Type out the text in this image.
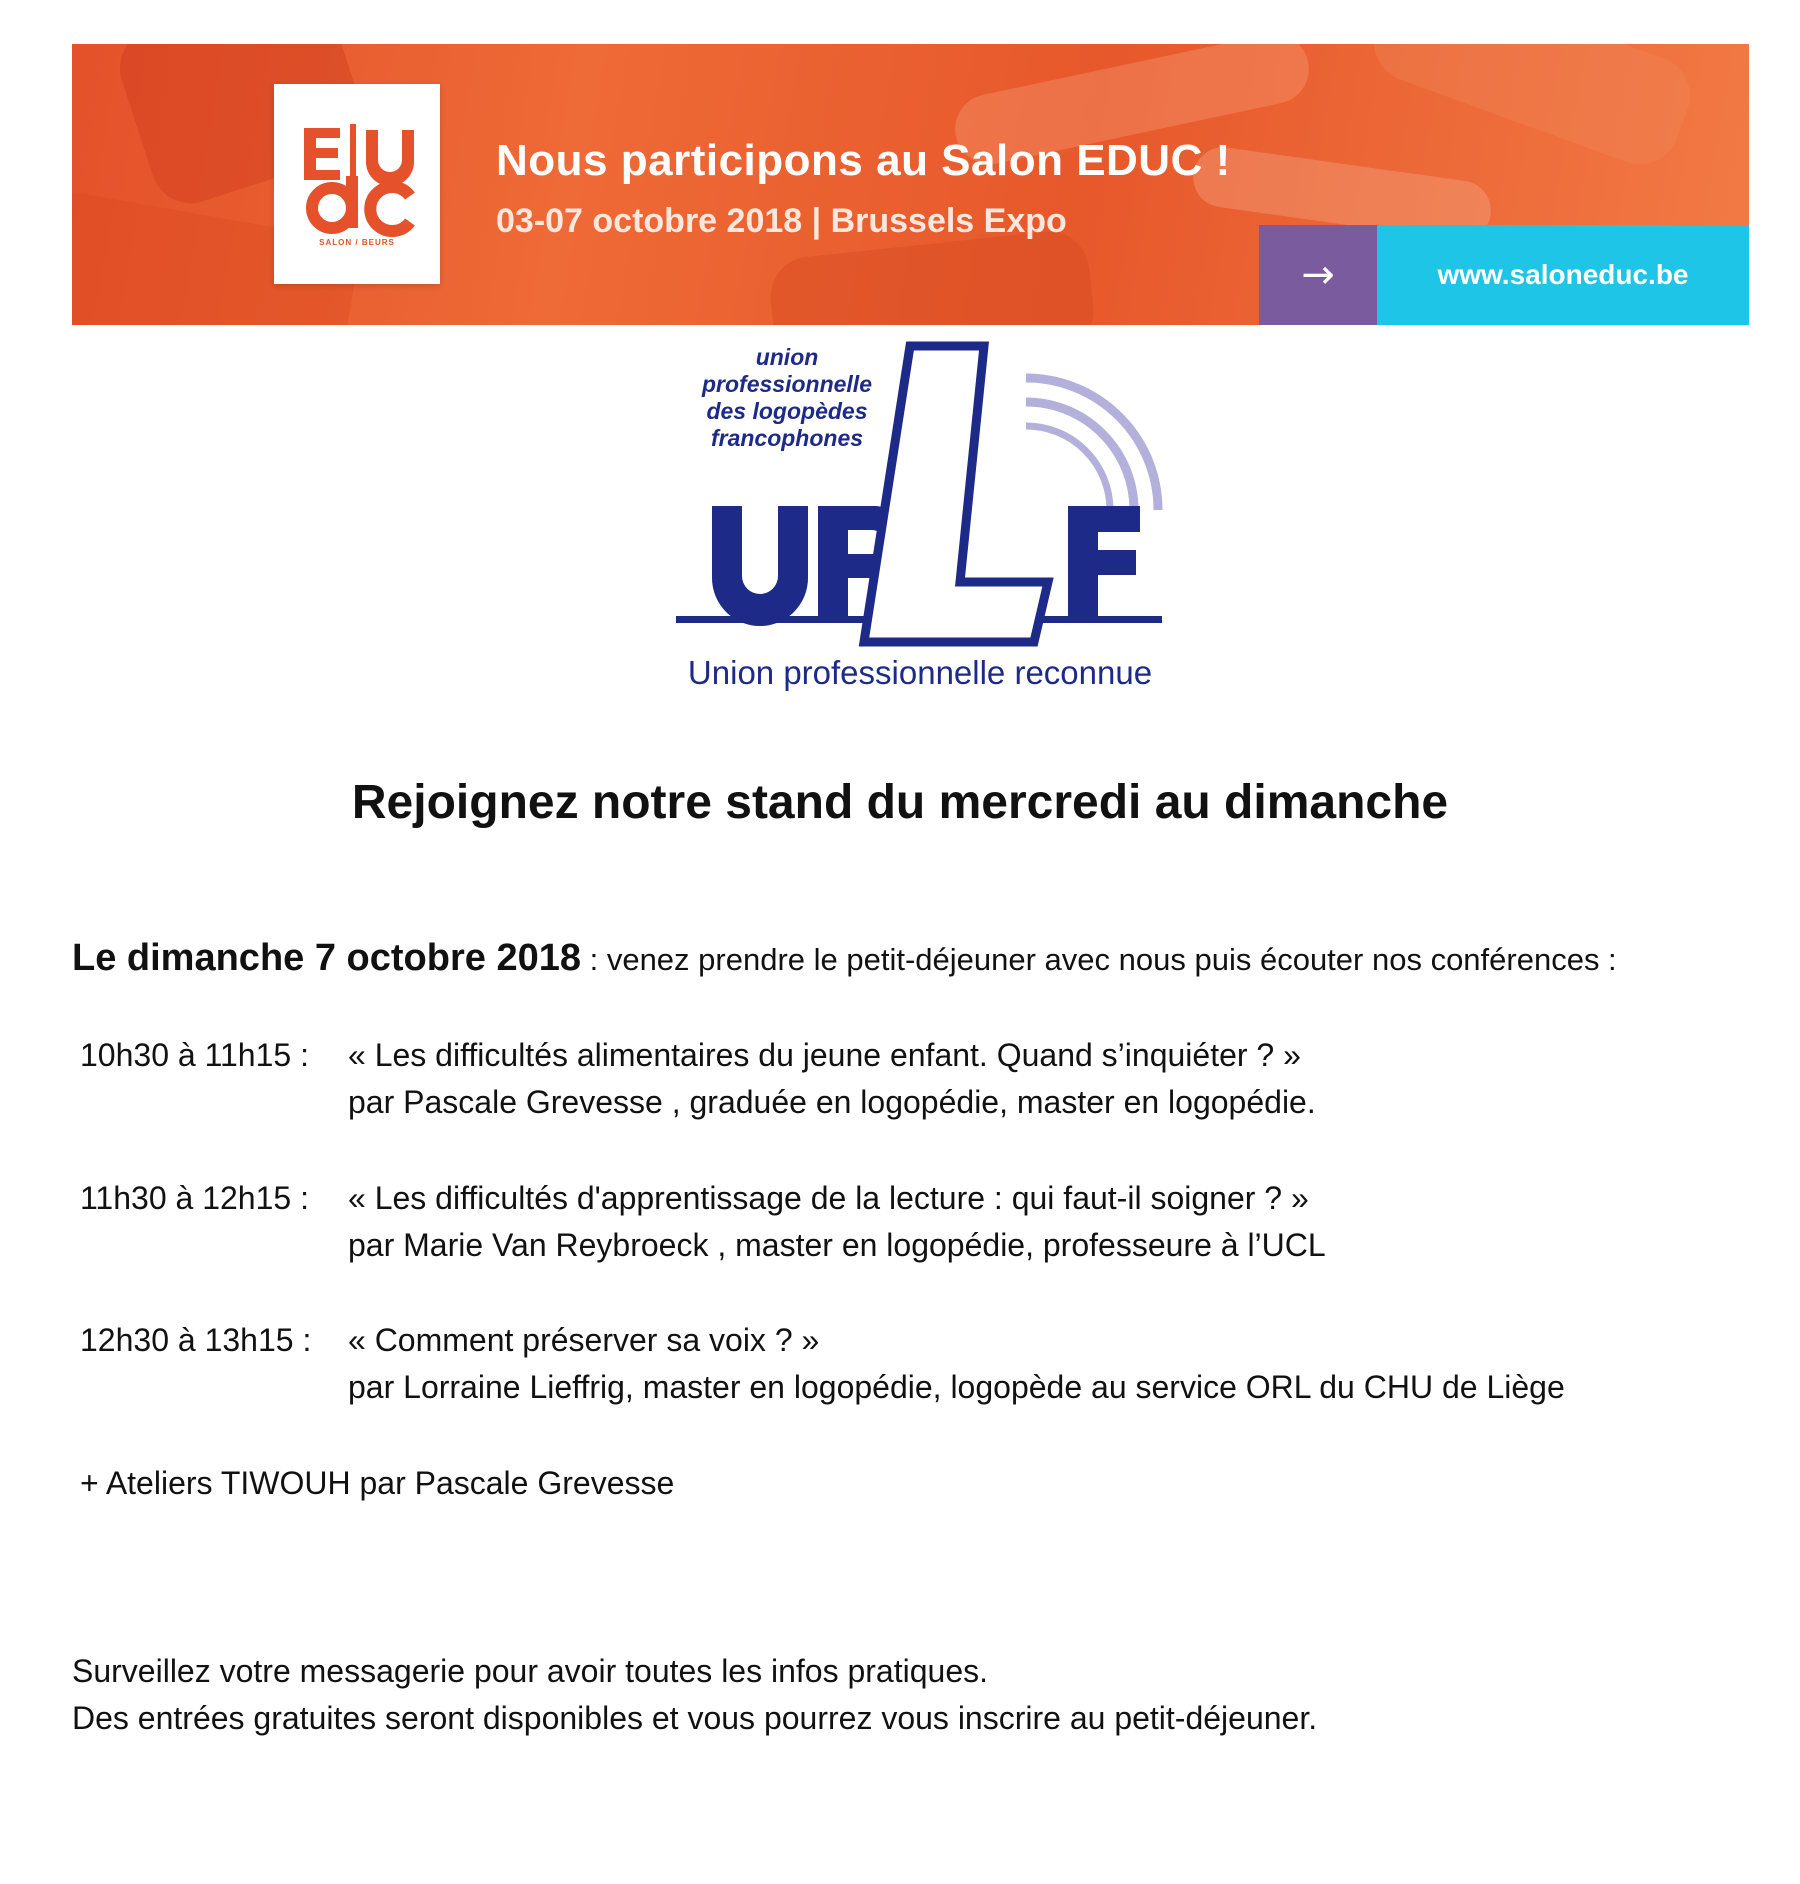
SALON / BEURS
Nous participons au Salon EDUC !
03-07 octobre 2018 | Brussels Expo
→	www.saloneduc.be
union
professionnelle
des logopèdes
francophones
Union professionnelle reconnue
Rejoignez notre stand du mercredi au dimanche
Le dimanche 7 octobre 2018 : venez prendre le petit-déjeuner avec nous puis écouter nos conférences :
10h30 à 11h15 : « Les difficultés alimentaires du jeune enfant. Quand s’inquiéter ? »
par Pascale Grevesse , graduée en logopédie, master en logopédie.
11h30 à 12h15 : « Les difficultés d'apprentissage de la lecture : qui faut-il soigner ? »
par Marie Van Reybroeck , master en logopédie, professeure à l’UCL
12h30 à 13h15 : « Comment préserver sa voix ? »
par Lorraine Lieffrig, master en logopédie, logopède au service ORL du CHU de Liège
+ Ateliers TIWOUH par Pascale Grevesse
Surveillez votre messagerie pour avoir toutes les infos pratiques.
Des entrées gratuites seront disponibles et vous pourrez vous inscrire au petit-déjeuner.
